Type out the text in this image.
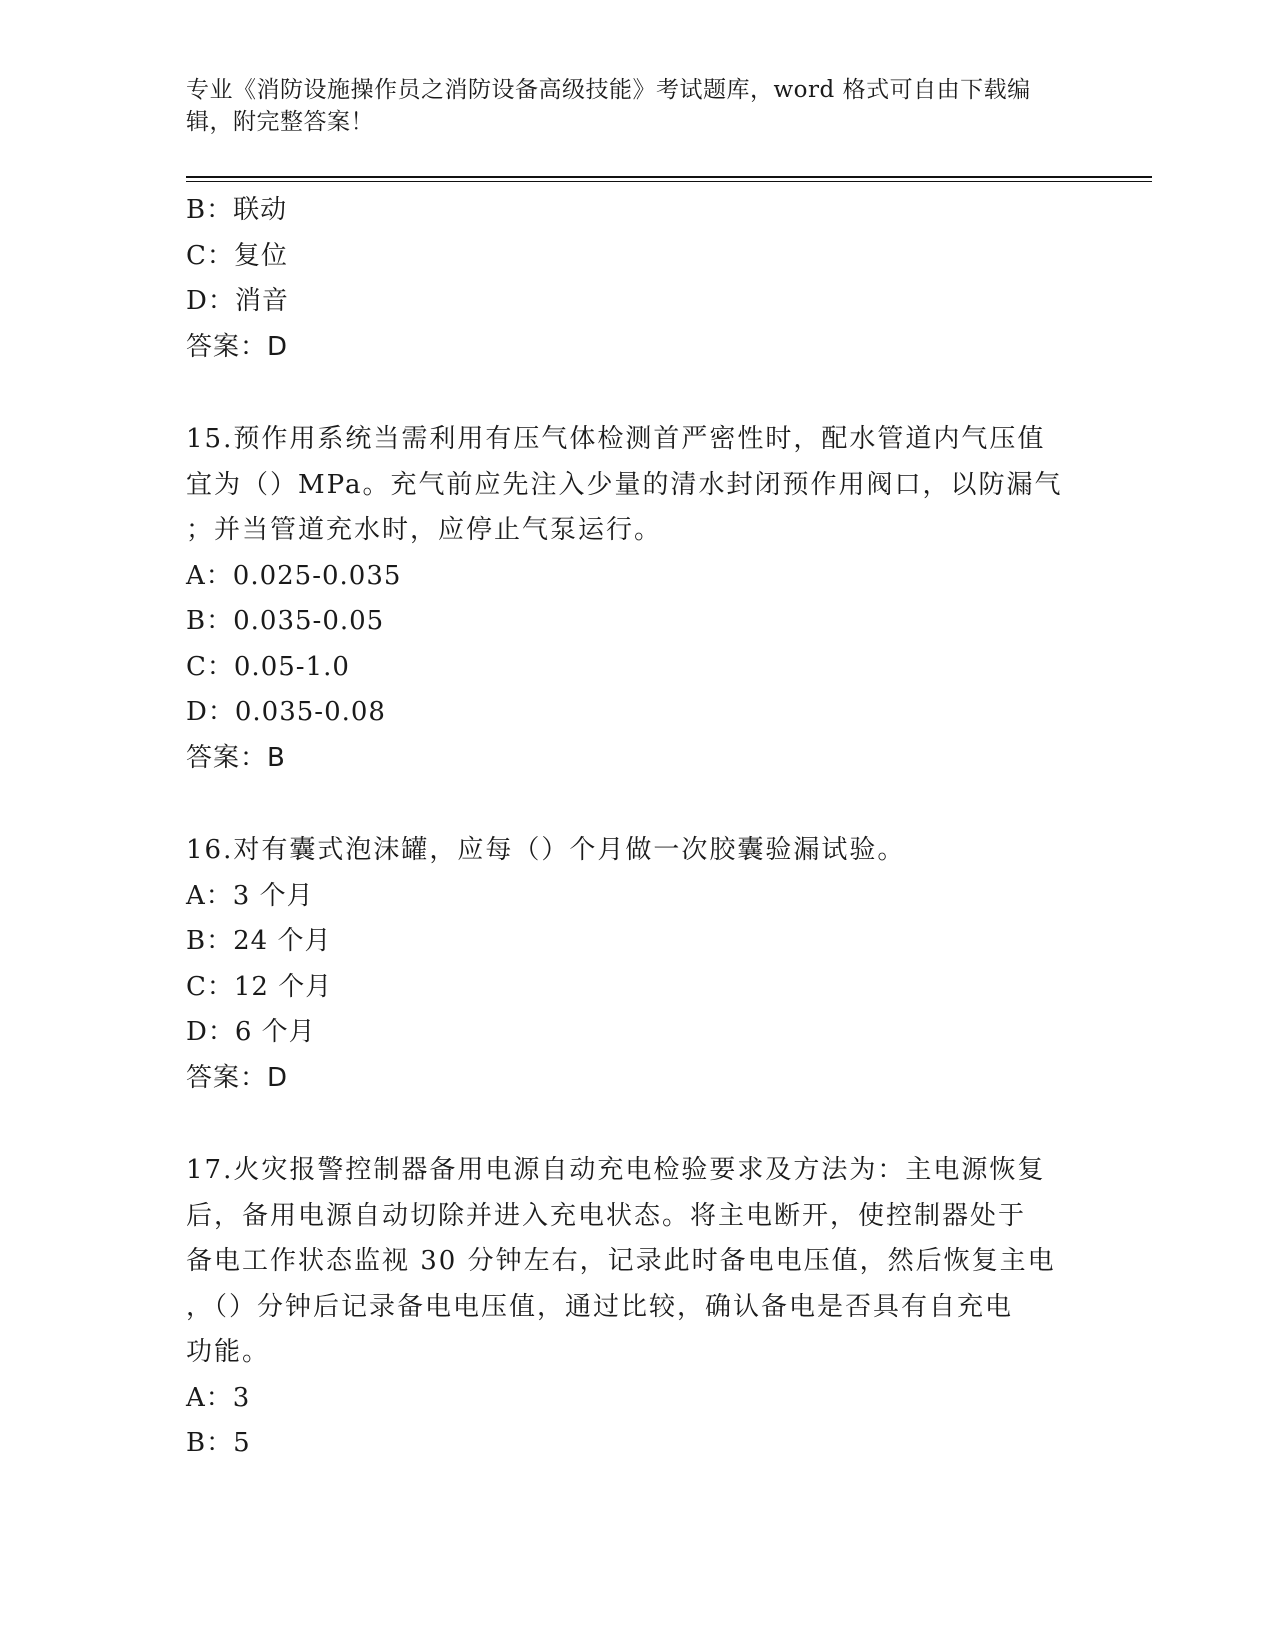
专业《消防设施操作员之消防设备高级技能》考试题库，word 格式可自由下载编辑，附完整答案！
B：联动
C：复位
D：消音
答案：D
15.预作用系统当需利用有压气体检测首严密性时，配水管道内气压值
宜为（）MPa。充气前应先注入少量的清水封闭预作用阀口，以防漏气
；并当管道充水时，应停止气泵运行。
A：0.025-0.035
B：0.035-0.05
C：0.05-1.0
D：0.035-0.08
答案：B
16.对有囊式泡沫罐，应每（）个月做一次胶囊验漏试验。
A：3 个月
B：24 个月
C：12 个月
D：6 个月
答案：D
17.火灾报警控制器备用电源自动充电检验要求及方法为：主电源恢复
后，备用电源自动切除并进入充电状态。将主电断开，使控制器处于
备电工作状态监视 30 分钟左右，记录此时备电电压值，然后恢复主电
，（）分钟后记录备电电压值，通过比较，确认备电是否具有自充电
功能。
A：3
B：5
